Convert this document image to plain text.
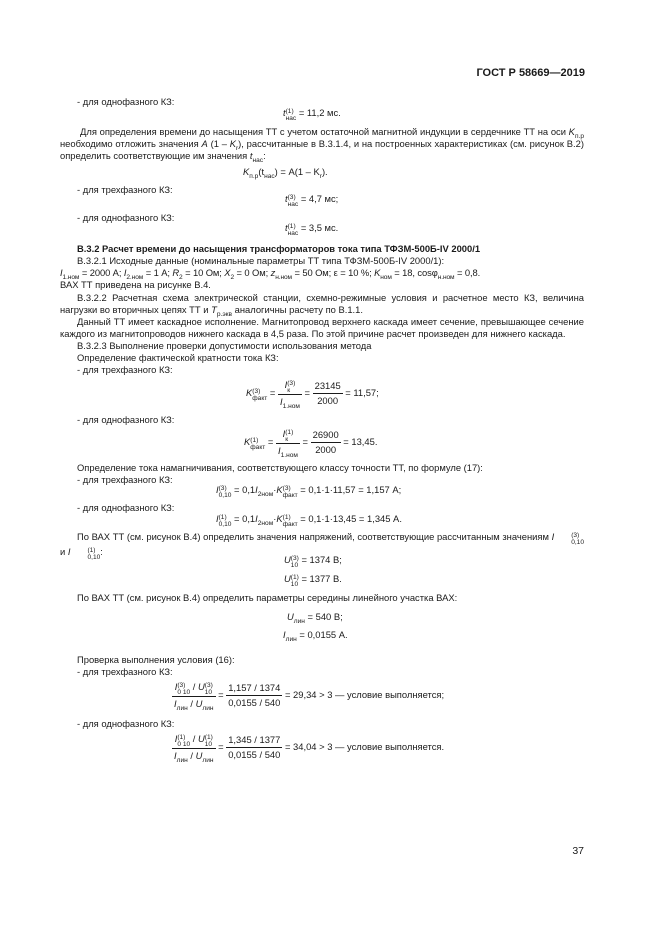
ГОСТ Р 58669—2019
- для однофазного КЗ:
t (1)
нас
= 11,2 мс.
Для определения времени до насыщения ТТ с учетом остаточной магнитной индукции в сердечнике ТТ на оси $K_{п.р}$ необходимо отложить значения A $(1 - K_r)$, рассчитанные в В.3.1.4, и на построенных характеристиках (см. рисунок В.2) определить соответствующие им значения $t_{нас}$:
$K_{п.р}(t_{нас}) = A(1 - K_r)$.
- для трехфазного КЗ:
t (3)
нас
= 4,7 мс;
- для однофазного КЗ:
t (1)
нас
= 3,5 мс.
В.3.2 Расчет времени до насыщения трансформаторов тока типа ТФЗМ-500Б-IV 2000/1
В.3.2.1 Исходные данные (номинальные параметры ТТ типа ТФЗМ-500Б-IV 2000/1):
$I_{1.ном} = 2000$ А; $I_{2.ном} = 1$ А; $R_2 = 10$ Ом; $X_2 = 0$ Ом; $z_{н.ном} = 50$ Ом; ε = 10 %; $K_{ном} = 18$, cosφ$_{н.ном}$ = 0,8.
ВАХ ТТ приведена на рисунке В.4.
В.3.2.2 Расчетная схема электрической станции, схемно-режимные условия и расчетное место КЗ, величина нагрузки во вторичных цепях ТТ и $T_{р.экв}$ аналогичны расчету по В.1.1.
Данный ТТ имеет каскадное исполнение. Магнитопровод верхнего каскада имеет сечение, превышающее сечение каждого из магнитопроводов нижнего каскада в 4,5 раза. По этой причине расчет произведен для нижнего каскада.
В.3.2.3 Выполнение проверки допустимости использования метода
Определение фактической кратности тока КЗ:
- для трехфазного КЗ:
K (3)
факт
= I (3)
к
$I_{1.ном} = \frac{23145}{2000} = 11,57$;
- для однофазного КЗ:
K (1)
факт
= I (1)
к
$I_{1.ном} = \frac{26900}{2000} = 13,45$.
Определение тока намагничивания, соответствующего классу точности ТТ, по формуле (17):
- для трехфазного КЗ:
I (3)
0,10
= $0,1I_{2ном}\cdot K$ (3)
факт
= 0,1·1·11,57 = 1,157 А;
- для однофазного КЗ:
I (1)
0,10
= $0,1I_{2ном}\cdot K$ (1)
факт
= 0,1·1·13,45 = 1,345 А.
По ВАХ ТТ (см. рисунок В.4) определить значения напряжений, соответствующие рассчитанным значениям I	(3)
0,10
и I	(1)
0,10
:
U (3)
10
= 1374 В;
U (1)
10
= 1377 В.
По ВАХ ТТ (см. рисунок В.4) определить параметры середины линейного участка ВАХ:
$U_{лин} = 540$ В;
$I_{лин} = 0,0155$ А.
Проверка выполнения условия (16):
- для трехфазного КЗ:
I (3)
0 10
/ U (3)
10
$I_{лин} / U_{лин} = \frac{1,157 / 1374}{0,0155 / 540} = 29,34 > 3$ — условие выполняется;
- для однофазного КЗ:
I (1)
0 10
/ U (1)
10
$I_{лин} / U_{лин} = \frac{1,345 / 1377}{0,0155 / 540} = 34,04 > 3$ — условие выполняется.
37
